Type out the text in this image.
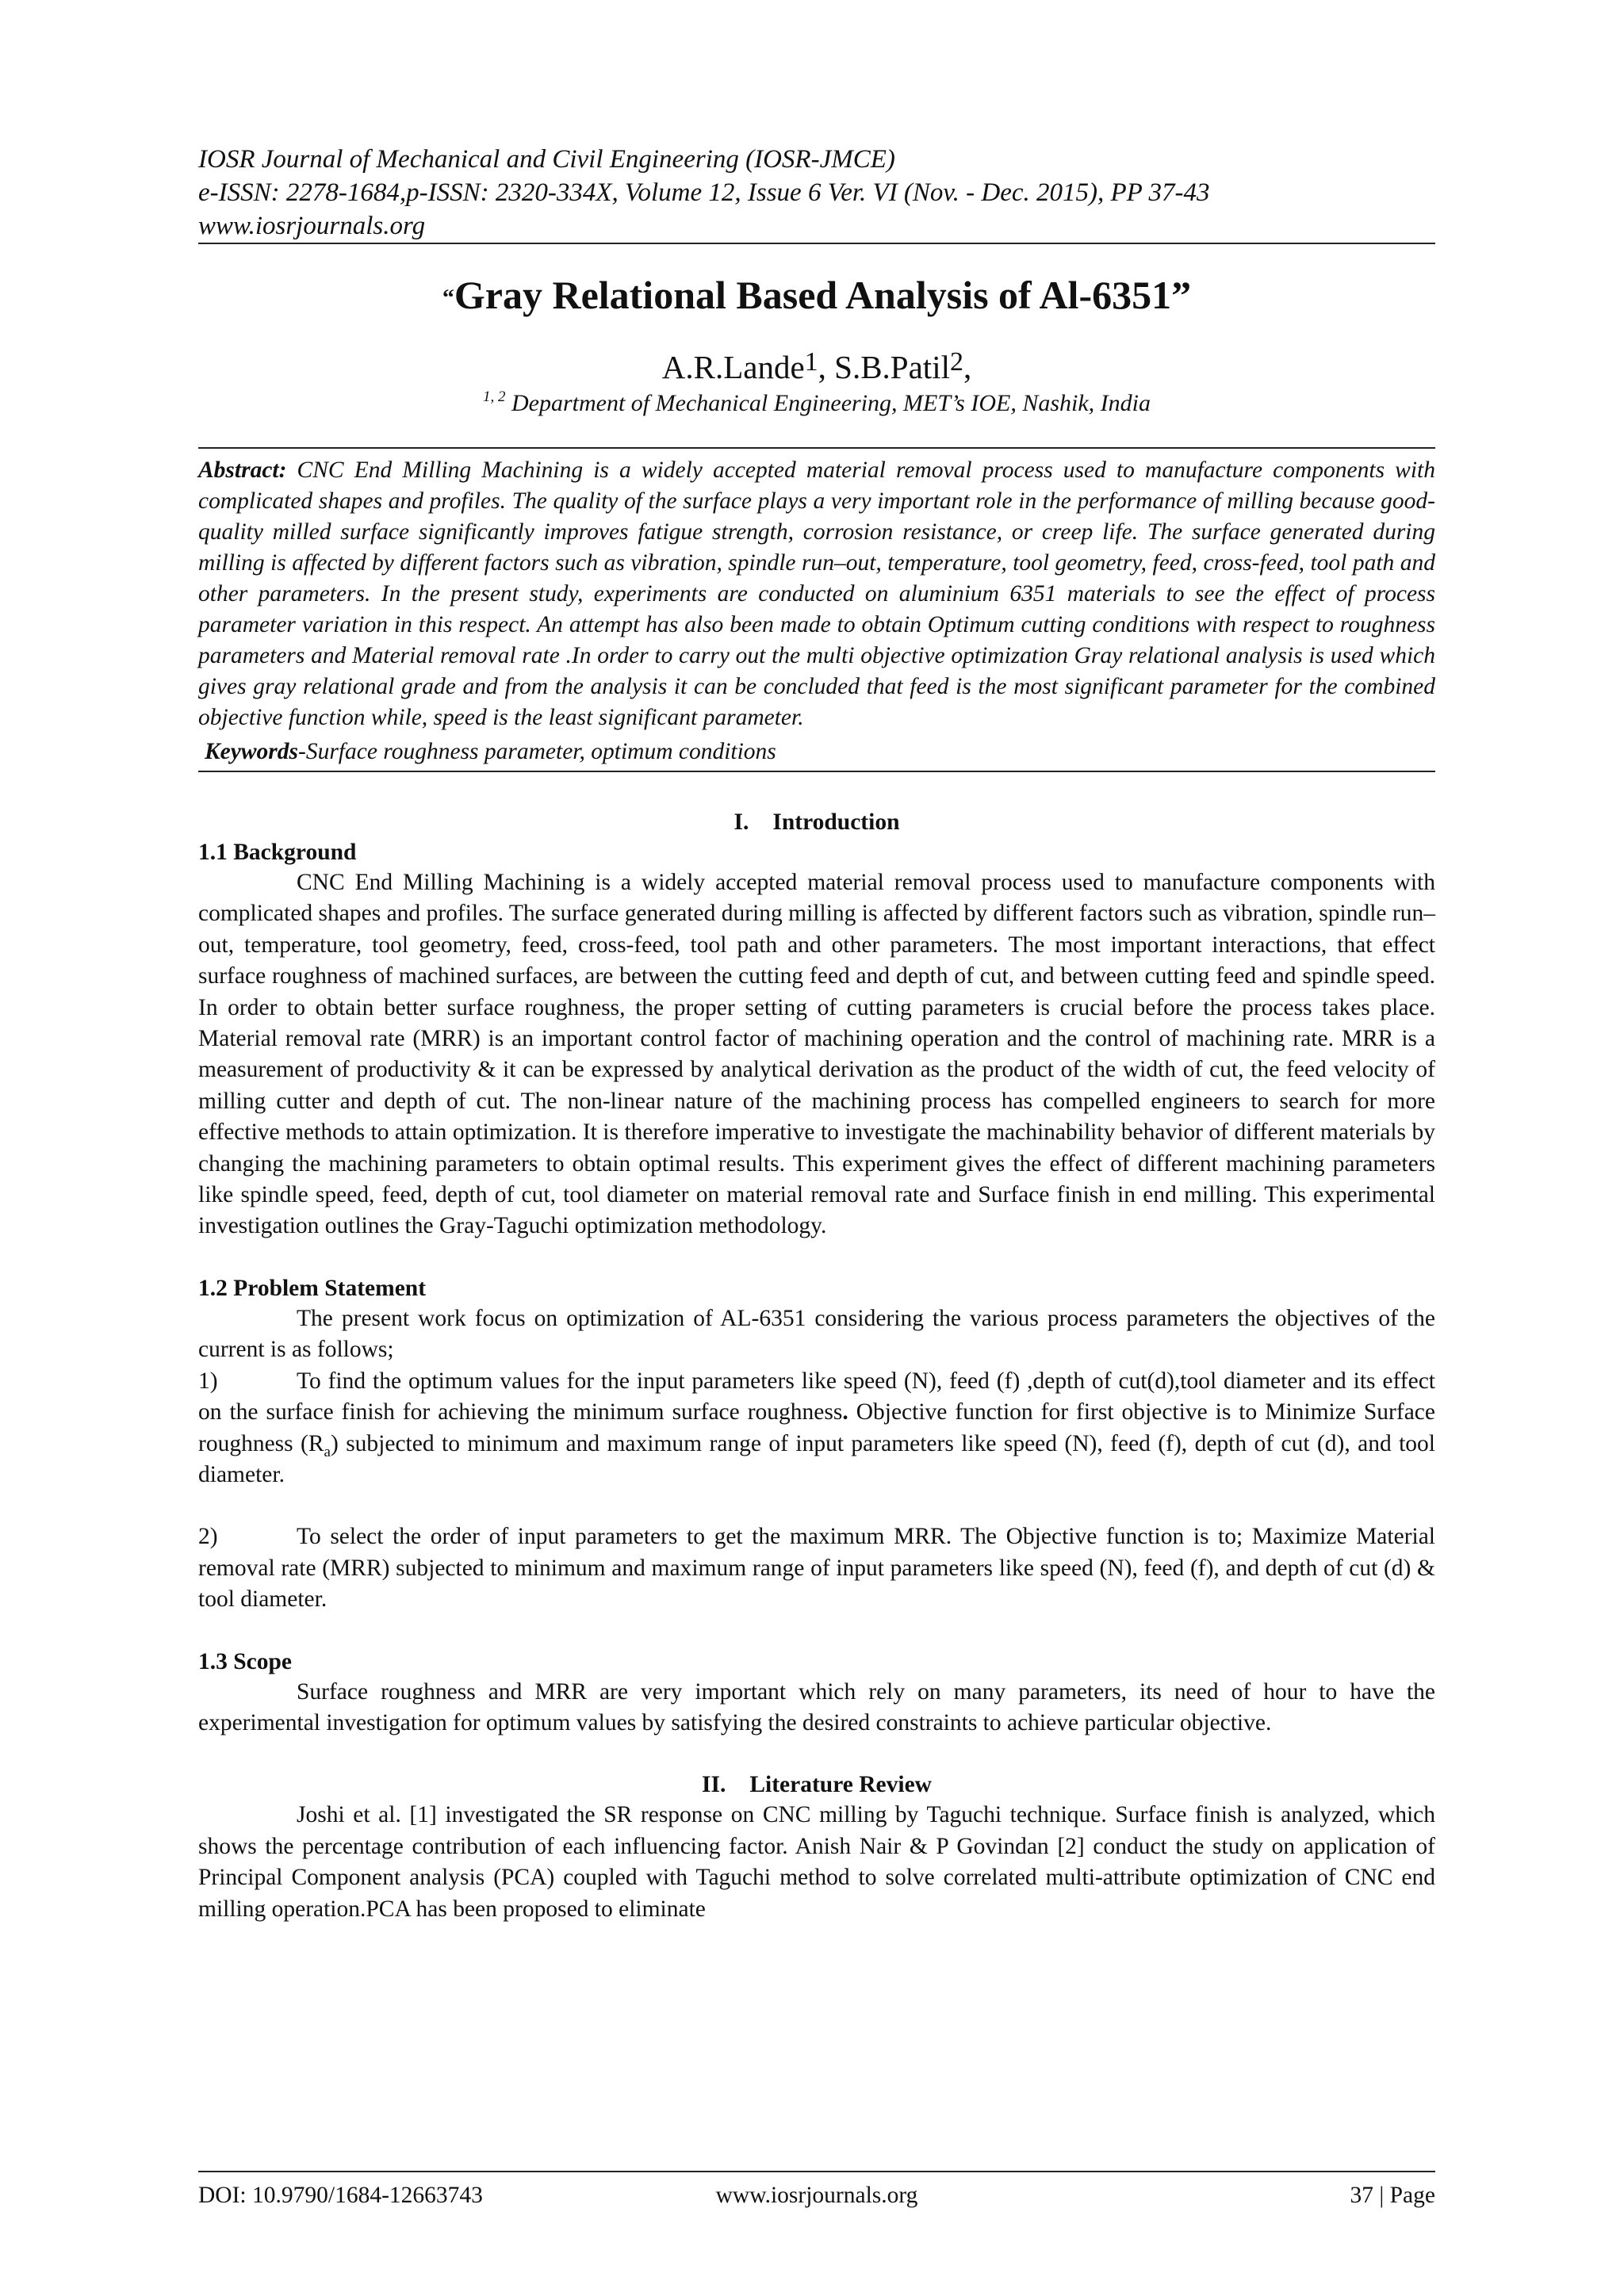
IOSR Journal of Mechanical and Civil Engineering (IOSR-JMCE)
e-ISSN: 2278-1684,p-ISSN: 2320-334X, Volume 12, Issue 6 Ver. VI (Nov. - Dec. 2015), PP 37-43
www.iosrjournals.org
“Gray Relational Based Analysis of Al-6351”
A.R.Lande$^1$, S.B.Patil$^2$,
$^{1, 2}$ Department of Mechanical Engineering, MET’s IOE, Nashik, India

Abstract: CNC End Milling Machining is a widely accepted material removal process used to manufacture components with complicated shapes and profiles. The quality of the surface plays a very important role in the performance of milling because good-quality milled surface significantly improves fatigue strength, corrosion resistance, or creep life. The surface generated during milling is affected by different factors such as vibration, spindle run–out, temperature, tool geometry, feed, cross-feed, tool path and other parameters. In the present study, experiments are conducted on aluminium 6351 materials to see the effect of process parameter variation in this respect. An attempt has also been made to obtain Optimum cutting conditions with respect to roughness parameters and Material removal rate .In order to carry out the multi objective optimization Gray relational analysis is used which gives gray relational grade and from the analysis it can be concluded that feed is the most significant parameter for the combined objective function while, speed is the least significant parameter.

Keywords-Surface roughness parameter, optimum conditions

I. Introduction

1.1 Background

CNC End Milling Machining is a widely accepted material removal process used to manufacture components with complicated shapes and profiles. The surface generated during milling is affected by different factors such as vibration, spindle run–out, temperature, tool geometry, feed, cross-feed, tool path and other parameters. The most important interactions, that effect surface roughness of machined surfaces, are between the cutting feed and depth of cut, and between cutting feed and spindle speed. In order to obtain better surface roughness, the proper setting of cutting parameters is crucial before the process takes place. Material removal rate (MRR) is an important control factor of machining operation and the control of machining rate. MRR is a measurement of productivity & it can be expressed by analytical derivation as the product of the width of cut, the feed velocity of milling cutter and depth of cut. The non-linear nature of the machining process has compelled engineers to search for more effective methods to attain optimization. It is therefore imperative to investigate the machinability behavior of different materials by changing the machining parameters to obtain optimal results. This experiment gives the effect of different machining parameters like spindle speed, feed, depth of cut, tool diameter on material removal rate and Surface finish in end milling. This experimental investigation outlines the Gray-Taguchi optimization methodology.

1.2 Problem Statement

The present work focus on optimization of AL-6351 considering the various process parameters the objectives of the current is as follows;

1)	To find the optimum values for the input parameters like speed (N), feed (f) ,depth of cut(d),tool diameter and its effect on the surface finish for achieving the minimum surface roughness. Objective function for first objective is to Minimize Surface roughness $(R_a)$ subjected to minimum and maximum range of input parameters like speed (N), feed (f), depth of cut (d), and tool diameter.

2)	To select the order of input parameters to get the maximum MRR. The Objective function is to; Maximize Material removal rate (MRR) subjected to minimum and maximum range of input parameters like speed (N), feed (f), and depth of cut (d) & tool diameter.

1.3 Scope

Surface roughness and MRR are very important which rely on many parameters, its need of hour to have the experimental investigation for optimum values by satisfying the desired constraints to achieve particular objective.

II. Literature Review

Joshi et al. [1] investigated the SR response on CNC milling by Taguchi technique. Surface finish is analyzed, which shows the percentage contribution of each influencing factor. Anish Nair & P Govindan [2] conduct the study on application of Principal Component analysis (PCA) coupled with Taguchi method to solve correlated multi-attribute optimization of CNC end milling operation.PCA has been proposed to eliminate

DOI: 10.9790/1684-12663743	www.iosrjournals.org	37 | Page
